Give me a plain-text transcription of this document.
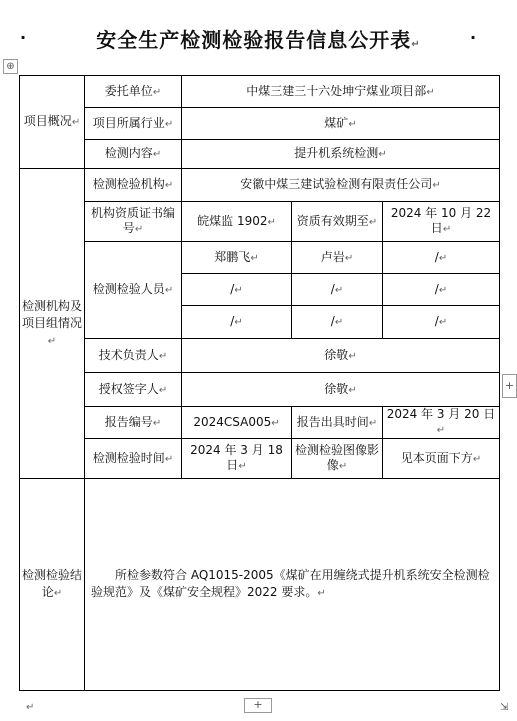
·	安全生产检测检验报告信息公开表↵	·
⊕
项目概况↵	委托单位↵	中煤三建三十六处坤宁煤业项目部↵		
	项目所属行业↵	煤矿↵		
	检测内容↵	提升机系统检测↵		
检测机构及项目组情况↵	检测检验机构↵	安徽中煤三建试验检测有限责任公司↵		
	机构资质证书编号↵	皖煤监 1902↵	资质有效期至↵	2024 年 10 月 22 日↵
	检测检验人员↵	郑鹏飞↵	卢岩↵	/↵
		/↵	/↵	/↵
		/↵	/↵	/↵
	技术负责人↵	徐敬↵		
	授权签字人↵	徐敬↵		
	报告编号↵	2024CSA005↵	报告出具时间↵	2024 年 3 月 20 日↵
	检测检验时间↵	2024 年 3 月 18 日↵	检测检验图像影像↵	见本页面下方↵
检测检验结论↵	所检参数符合 AQ1015-2005《煤矿在用缠绕式提升机系统安全检测检验规范》及《煤矿安全规程》2022 要求。↵			
+
+	⇲
↵
